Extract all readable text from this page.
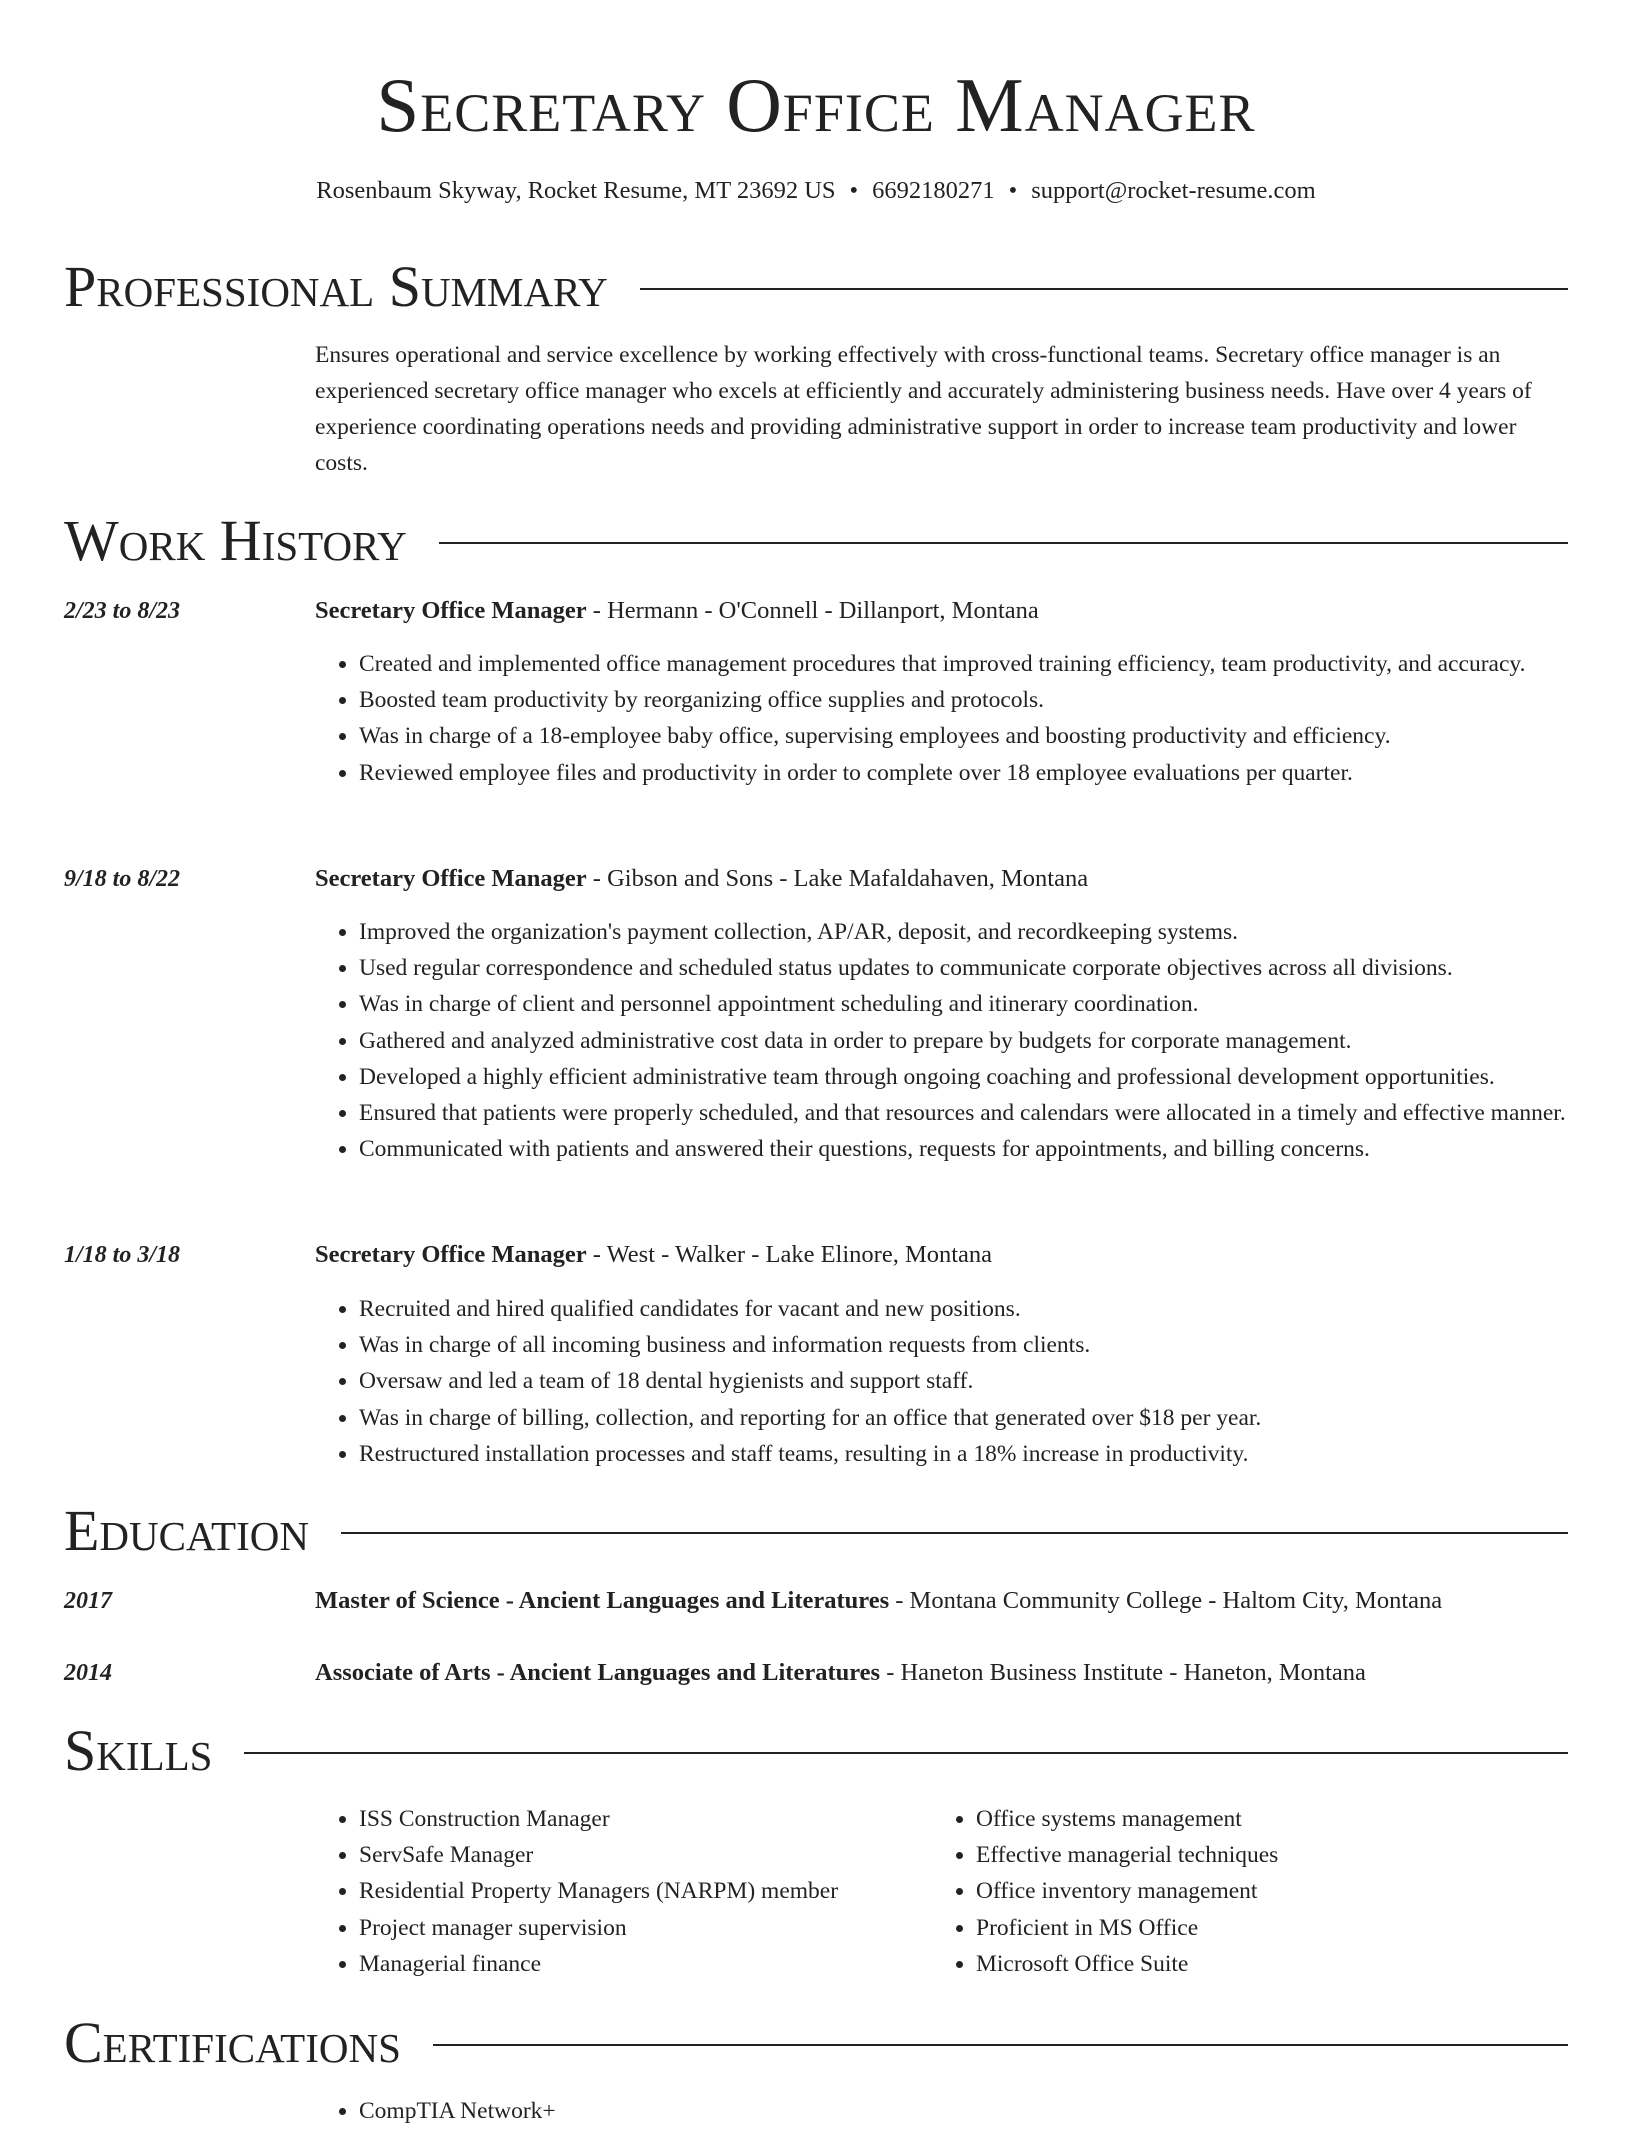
Secretary Office Manager
Rosenbaum Skyway, Rocket Resume, MT 23692 US • 6692180271 • support@rocket-resume.com
Professional Summary

Ensures operational and service excellence by working effectively with cross-functional teams. Secretary office manager is an experienced secretary office manager who excels at efficiently and accurately administering business needs. Have over 4 years of experience coordinating operations needs and providing administrative support in order to increase team productivity and lower costs.

Work History
2/23 to 8/23	Secretary Office Manager - Hermann - O'Connell - Dillanport, Montana
• Created and implemented office management procedures that improved training efficiency, team productivity, and accuracy.
• Boosted team productivity by reorganizing office supplies and protocols.
• Was in charge of a 18-employee baby office, supervising employees and boosting productivity and efficiency.
• Reviewed employee files and productivity in order to complete over 18 employee evaluations per quarter.
9/18 to 8/22	Secretary Office Manager - Gibson and Sons - Lake Mafaldahaven, Montana
• Improved the organization's payment collection, AP/AR, deposit, and recordkeeping systems.
• Used regular correspondence and scheduled status updates to communicate corporate objectives across all divisions.
• Was in charge of client and personnel appointment scheduling and itinerary coordination.
• Gathered and analyzed administrative cost data in order to prepare by budgets for corporate management.
• Developed a highly efficient administrative team through ongoing coaching and professional development opportunities.
• Ensured that patients were properly scheduled, and that resources and calendars were allocated in a timely and effective manner.
• Communicated with patients and answered their questions, requests for appointments, and billing concerns.
1/18 to 3/18	Secretary Office Manager - West - Walker - Lake Elinore, Montana
• Recruited and hired qualified candidates for vacant and new positions.
• Was in charge of all incoming business and information requests from clients.
• Oversaw and led a team of 18 dental hygienists and support staff.
• Was in charge of billing, collection, and reporting for an office that generated over $18 per year.
• Restructured installation processes and staff teams, resulting in a 18% increase in productivity.
Education
2017	Master of Science - Ancient Languages and Literatures - Montana Community College - Haltom City, Montana
2014	Associate of Arts - Ancient Languages and Literatures - Haneton Business Institute - Haneton, Montana
Skills
• ISS Construction Manager
• ServSafe Manager
• Residential Property Managers (NARPM) member
• Project manager supervision
• Managerial finance
• Office systems management
• Effective managerial techniques
• Office inventory management
• Proficient in MS Office
• Microsoft Office Suite
Certifications
• CompTIA Network+
